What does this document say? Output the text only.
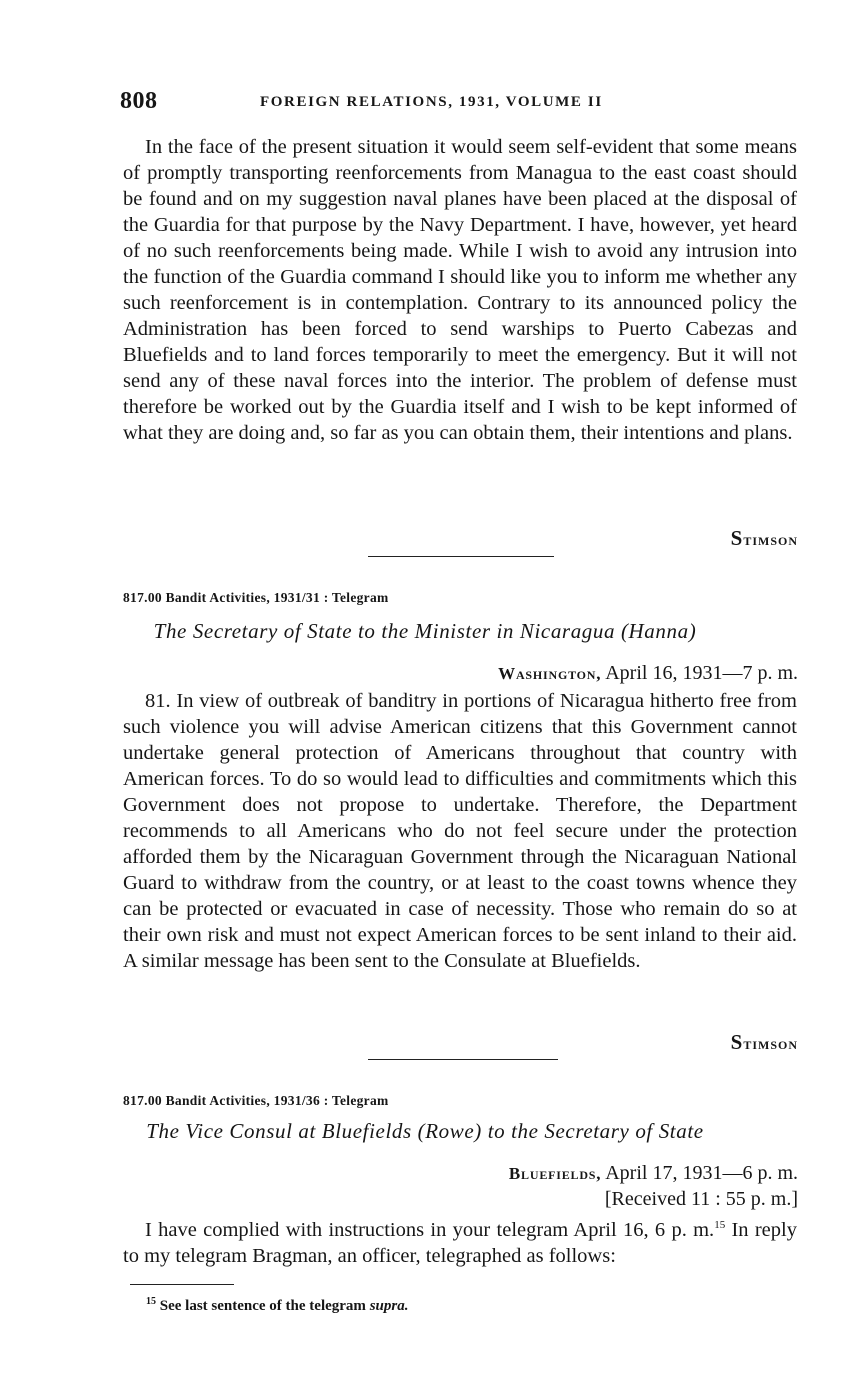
808	FOREIGN RELATIONS, 1931, VOLUME II

In the face of the present situation it would seem self-evident that some means of promptly transporting reenforcements from Managua to the east coast should be found and on my suggestion naval planes have been placed at the disposal of the Guardia for that purpose by the Navy Department. I have, however, yet heard of no such reenforcements being made. While I wish to avoid any intrusion into the function of the Guardia command I should like you to inform me whether any such reenforcement is in contemplation. Contrary to its announced policy the Administration has been forced to send warships to Puerto Cabezas and Bluefields and to land forces temporarily to meet the emergency. But it will not send any of these naval forces into the interior. The problem of defense must therefore be worked out by the Guardia itself and I wish to be kept informed of what they are doing and, so far as you can obtain them, their intentions and plans.

Stimson
817.00 Bandit Activities, 1931/31 : Telegram
The Secretary of State to the Minister in Nicaragua (Hanna)
Washington, April 16, 1931—7 p. m.

81. In view of outbreak of banditry in portions of Nicaragua hitherto free from such violence you will advise American citizens that this Government cannot undertake general protection of Americans throughout that country with American forces. To do so would lead to difficulties and commitments which this Government does not propose to undertake. Therefore, the Department recommends to all Americans who do not feel secure under the protection afforded them by the Nicaraguan Government through the Nicaraguan National Guard to withdraw from the country, or at least to the coast towns whence they can be protected or evacuated in case of necessity. Those who remain do so at their own risk and must not expect American forces to be sent inland to their aid. A similar message has been sent to the Consulate at Bluefields.

Stimson
817.00 Bandit Activities, 1931/36 : Telegram
The Vice Consul at Bluefields (Rowe) to the Secretary of State
Bluefields, April 17, 1931—6 p. m.
[Received 11 : 55 p. m.]

I have complied with instructions in your telegram April 16, 6 p. m.$^{15}$ In reply to my telegram Bragman, an officer, telegraphed as follows:

$^{15}$ See last sentence of the telegram supra.
